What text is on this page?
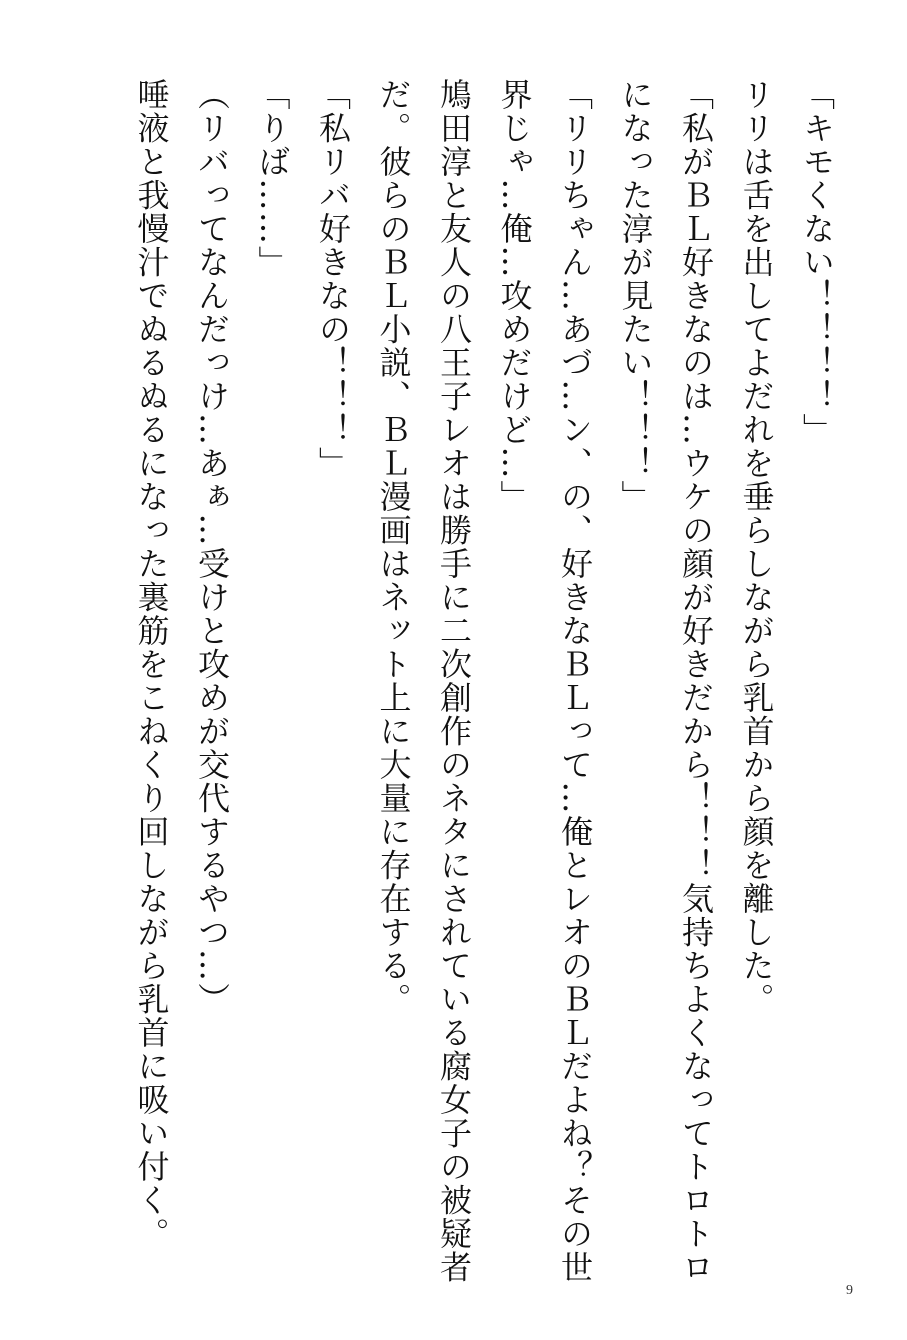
「キモくない！！！！」
リリは舌を出してよだれを垂らしながら乳首から顔を離した。
「私がＢＬ好きなのは…ウケの顔が好きだから！！！気持ちよくなってトロトロ
になった淳が見たい！！！」
「リリちゃん…あづ…ン、の、好きなＢＬって…俺とレオのＢＬだよね？その世
界じゃ…俺…攻めだけど…」
鳩田淳と友人の八王子レオは勝手に二次創作のネタにされている腐女子の被疑者
だ。彼らのＢＬ小説、ＢＬ漫画はネット上に大量に存在する。
「私リバ好きなの！！！」
「りば……」
（リバってなんだっけ…あぁ…受けと攻めが交代するやつ…）
唾液と我慢汁でぬるぬるになった裏筋をこねくり回しながら乳首に吸い付く。
9
